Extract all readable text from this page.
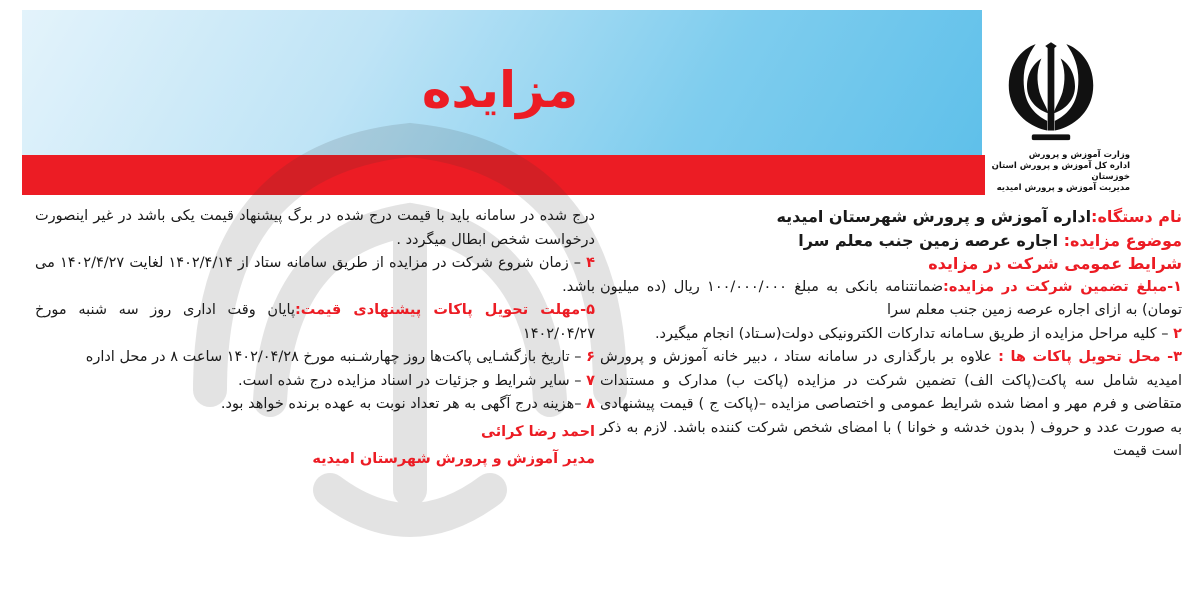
مزایده
وزارت آموزش و پرورش
اداره کل آموزش و پرورش استان خوزستان
مدیریت آموزش و پرورش امیدیه

نام دستگاه:اداره آموزش و پرورش شهرستان امیدیه

موضوع مزایده: اجاره عرصه زمین جنب معلم سرا

شرایط عمومی شرکت در مزایده

۱-مبلغ تضمین شرکت در مزایده:ضمانتنامه بانکی به مبلغ ۱۰۰/۰۰۰/۰۰۰ ریال (ده میلیون تومان) به ازای اجاره عرصه زمین جنب معلم سرا

۲ – کلیه مراحل مزایده از طریق سـامانه تدارکات الکترونیکی دولت(سـتاد) انجام میگیرد.

۳- محل تحویل پاکات ها : علاوه بر بارگذاری در سامانه ستاد ، دبیر خانه آموزش و پرورش امیدیه شامل سه پاکت(پاکت الف) تضمین شرکت در مزایده (پاکت ب) مدارک و مستندات متقاضی و فرم مهر و امضا شده شرایط عمومی و اختصاصی مزایده –(پاکت ج ) قیمت پیشنهادی به صورت عدد و حروف ( بدون خدشه و خوانا ) با امضای شخص شرکت کننده باشد. لازم به ذکر است قیمت

درج شده در سامانه باید با قیمت درج شده در برگ پیشنهاد قیمت یکی باشد در غیر اینصورت درخواست شخص ابطال میگردد .

۴ – زمان شروع شرکت در مزایده از طریق سامانه ستاد از ۱۴۰۲/۴/۱۴ لغایت ۱۴۰۲/۴/۲۷ می باشد.

۵-مهلت تحویل پاکات پیشنهادی قیمت:پایان وقت اداری روز سه شنبه مورخ ۱۴۰۲/۰۴/۲۷

۶ – تاریخ بازگشـایی پاکت‌ها روز چهارشـنبه مورخ ۱۴۰۲/۰۴/۲۸ ساعت ۸ در محل اداره

۷ – سایر شرایط و جزئیات در اسناد مزایده درج شده است.

۸ –هزینه درج آگهی به هر تعداد نوبت به عهده برنده خواهد بود.

احمد رضا کرائی

مدیر آموزش و پرورش شهرستان امیدیه
